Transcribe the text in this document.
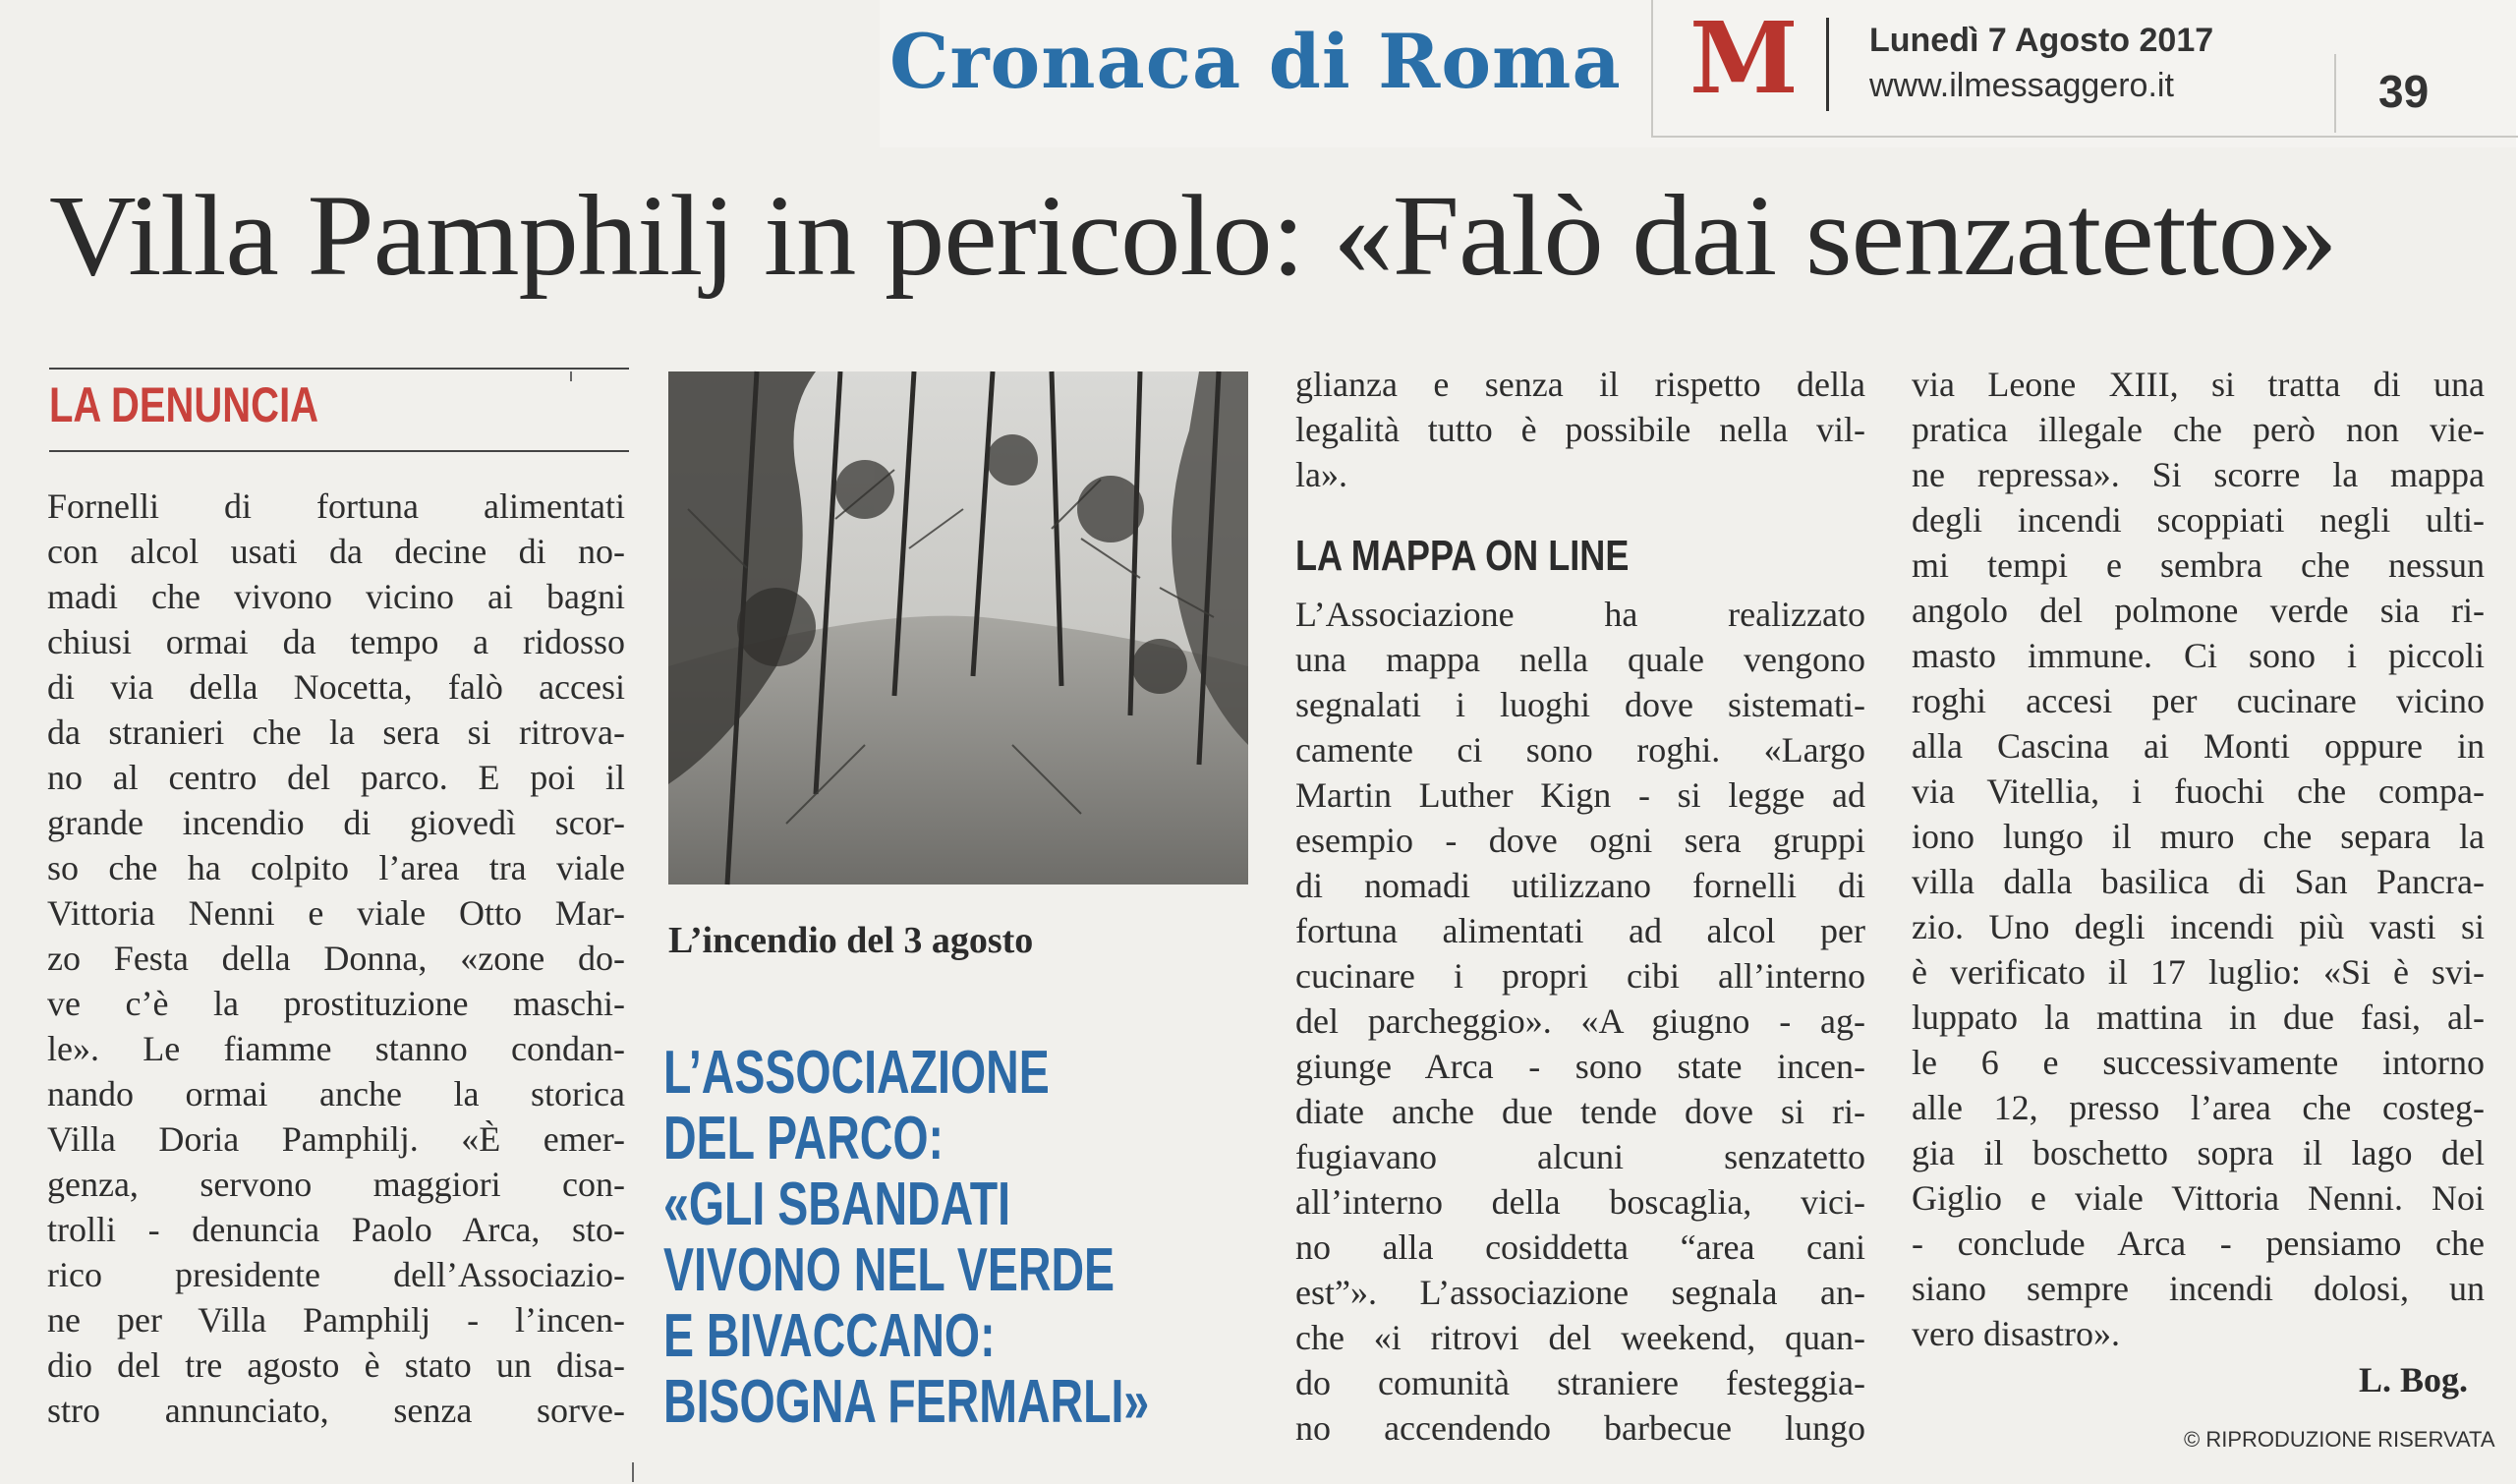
Cronaca di Roma M Lunedì 7 Agosto 2017
www.ilmessaggero.it	39
Villa Pamphilj in pericolo: «Falò dai senzatetto»
LA DENUNCIA
Fornelli di fortuna alimentati
con alcol usati da decine di no-
madi che vivono vicino ai bagni
chiusi ormai da tempo a ridosso
di via della Nocetta, falò accesi
da stranieri che la sera si ritrova-
no al centro del parco. E poi il
grande incendio di giovedì scor-
so che ha colpito l’area tra viale
Vittoria Nenni e viale Otto Mar-
zo Festa della Donna, «zone do-
ve c’è la prostituzione maschi-
le». Le fiamme stanno condan-
nando ormai anche la storica
Villa Doria Pamphilj. «È emer-
genza, servono maggiori con-
trolli - denuncia Paolo Arca, sto-
rico presidente dell’Associazio-
ne per Villa Pamphilj - l’incen-
dio del tre agosto è stato un disa-
stro annunciato, senza sorve-
L’incendio del 3 agosto
L’ASSOCIAZIONE
DEL PARCO:
«GLI SBANDATI
VIVONO NEL VERDE
E BIVACCANO:
BISOGNA FERMARLI»
glianza e senza il rispetto della
legalità tutto è possibile nella vil-
la».
LA MAPPA ON LINE
L’Associazione ha realizzato
una mappa nella quale vengono
segnalati i luoghi dove sistemati-
camente ci sono roghi. «Largo
Martin Luther Kign - si legge ad
esempio - dove ogni sera gruppi
di nomadi utilizzano fornelli di
fortuna alimentati ad alcol per
cucinare i propri cibi all’interno
del parcheggio». «A giugno - ag-
giunge Arca - sono state incen-
diate anche due tende dove si ri-
fugiavano alcuni senzatetto
all’interno della boscaglia, vici-
no alla cosiddetta “area cani
est”». L’associazione segnala an-
che «i ritrovi del weekend, quan-
do comunità straniere festeggia-
no accendendo barbecue lungo
via Leone XIII, si tratta di una
pratica illegale che però non vie-
ne repressa». Si scorre la mappa
degli incendi scoppiati negli ulti-
mi tempi e sembra che nessun
angolo del polmone verde sia ri-
masto immune. Ci sono i piccoli
roghi accesi per cucinare vicino
alla Cascina ai Monti oppure in
via Vitellia, i fuochi che compa-
iono lungo il muro che separa la
villa dalla basilica di San Pancra-
zio. Uno degli incendi più vasti si
è verificato il 17 luglio: «Si è svi-
luppato la mattina in due fasi, al-
le 6 e successivamente intorno
alle 12, presso l’area che costeg-
gia il boschetto sopra il lago del
Giglio e viale Vittoria Nenni. Noi
- conclude Arca - pensiamo che
siano sempre incendi dolosi, un
vero disastro».
L. Bog.
© RIPRODUZIONE RISERVATA
